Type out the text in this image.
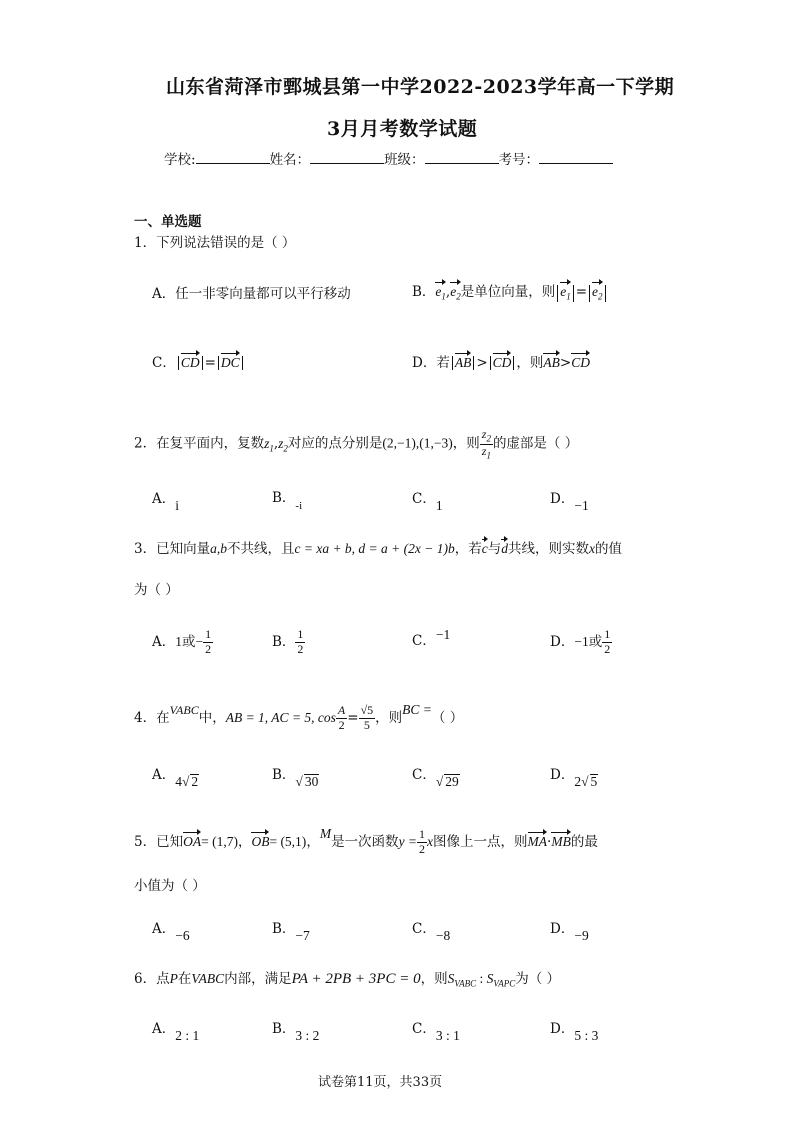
山东省菏泽市鄄城县第一中学2022-2023学年高一下学期
3月月考数学试题
学校:	姓名：	班级：	考号：
一、单选题
1．下列说法错误的是（ ）
A．任一非零向量都可以平行移动	B．$e_1,e_2$是单位向量，则 $e_1 = e_2$
C． CD = DC	D．若 AB > CD ，则AB>CD
2．在复平面内，复数$z_1,z_2$对应的点分别是(2,−1),(1,−3)，则 $\frac{z_2}{z_1}$ 的虚部是（ ）
A．i	B．$_{-i}$	C．1	D．−1
3．已知向量a,b不共线，且c = xa + b, d = a + (2x − 1)b，若c与d共线，则实数x的值
为（ ）
A．1或− $\frac{1}{2}$	B． $\frac{1}{2}$	C．−1	D．−1或 $\frac{1}{2}$
4．在VABC中，AB = 1, AC = 5, $\cos \frac{A}{2} = \frac{√5}{5}$ ，则BC =（ ）
A．4√ 2	B．√ 30	C．√ 29	D．2√ 5
5．已知OA= (1,7)，OB= (5,1)，M是一次函数$y = \frac{1}{2}$ x图像上一点，则MA·MB的最
小值为（ ）
A．−6	B．−7	C．−8	D．−9
6．点P在VABC内部，满足PA + 2PB + 3PC = 0，则$S_{VABC}$ : $S_{VAPC}$为（ ）
A．2 : 1	B．3 : 2	C．3 : 1	D．5 : 3
试卷第11页，共33页
